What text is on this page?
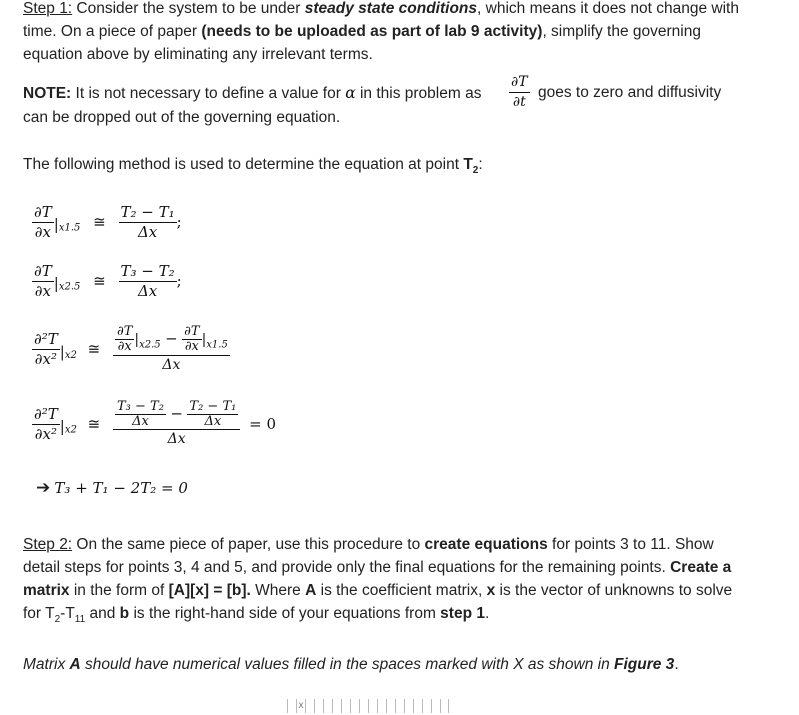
Step 1: Consider the system to be under steady state conditions, which means it does not change with time. On a piece of paper (needs to be uploaded as part of lab 9 activity), simplify the governing equation above by eliminating any irrelevant terms.

NOTE: It is not necessary to define a value for α in this problem as $\frac{\partial T}{\partial t}$ goes to zero and diffusivity
can be dropped out of the governing equation.
The following method is used to determine the equation at point $T_2$:
$\frac{\partial T}{\partial x} |_{x1.5}$ ≅ $\frac{\text{T₂ − T₁}}{\Delta x}$ ;
$\frac{\partial T}{\partial x} |_{x2.5}$ ≅ $\frac{\text{T₃ − T₂}}{\Delta x}$ ;
$\frac{\text{∂²T}}{\text{∂x²}} |_{x2}$ ≅ $\frac{\frac{\partial T}{\partial x} |_{x2.5} - \frac{\partial T}{\partial x} |_{x1.5}}{\Delta x}$
$\frac{\text{∂²T}}{\text{∂x²}} |_{x2}$ ≅ $\frac{\frac{\text{T₃ − T₂}}{\Delta x} - \frac{\text{T₂ − T₁}}{\Delta x}}{\Delta x} = 0$
➔ T₃ + T₁ − 2T₂ = 0

Step 2: On the same piece of paper, use this procedure to create equations for points 3 to 11. Show detail steps for points 3, 4 and 5, and provide only the final equations for the remaining points. Create a matrix in the form of [A][x] = [b]. Where A is the coefficient matrix, x is the vector of unknowns to solve for $T_2-T_{11}$ and b is the right-hand side of your equations from step 1.

Matrix A should have numerical values filled in the spaces marked with X as shown in Figure 3.
x
